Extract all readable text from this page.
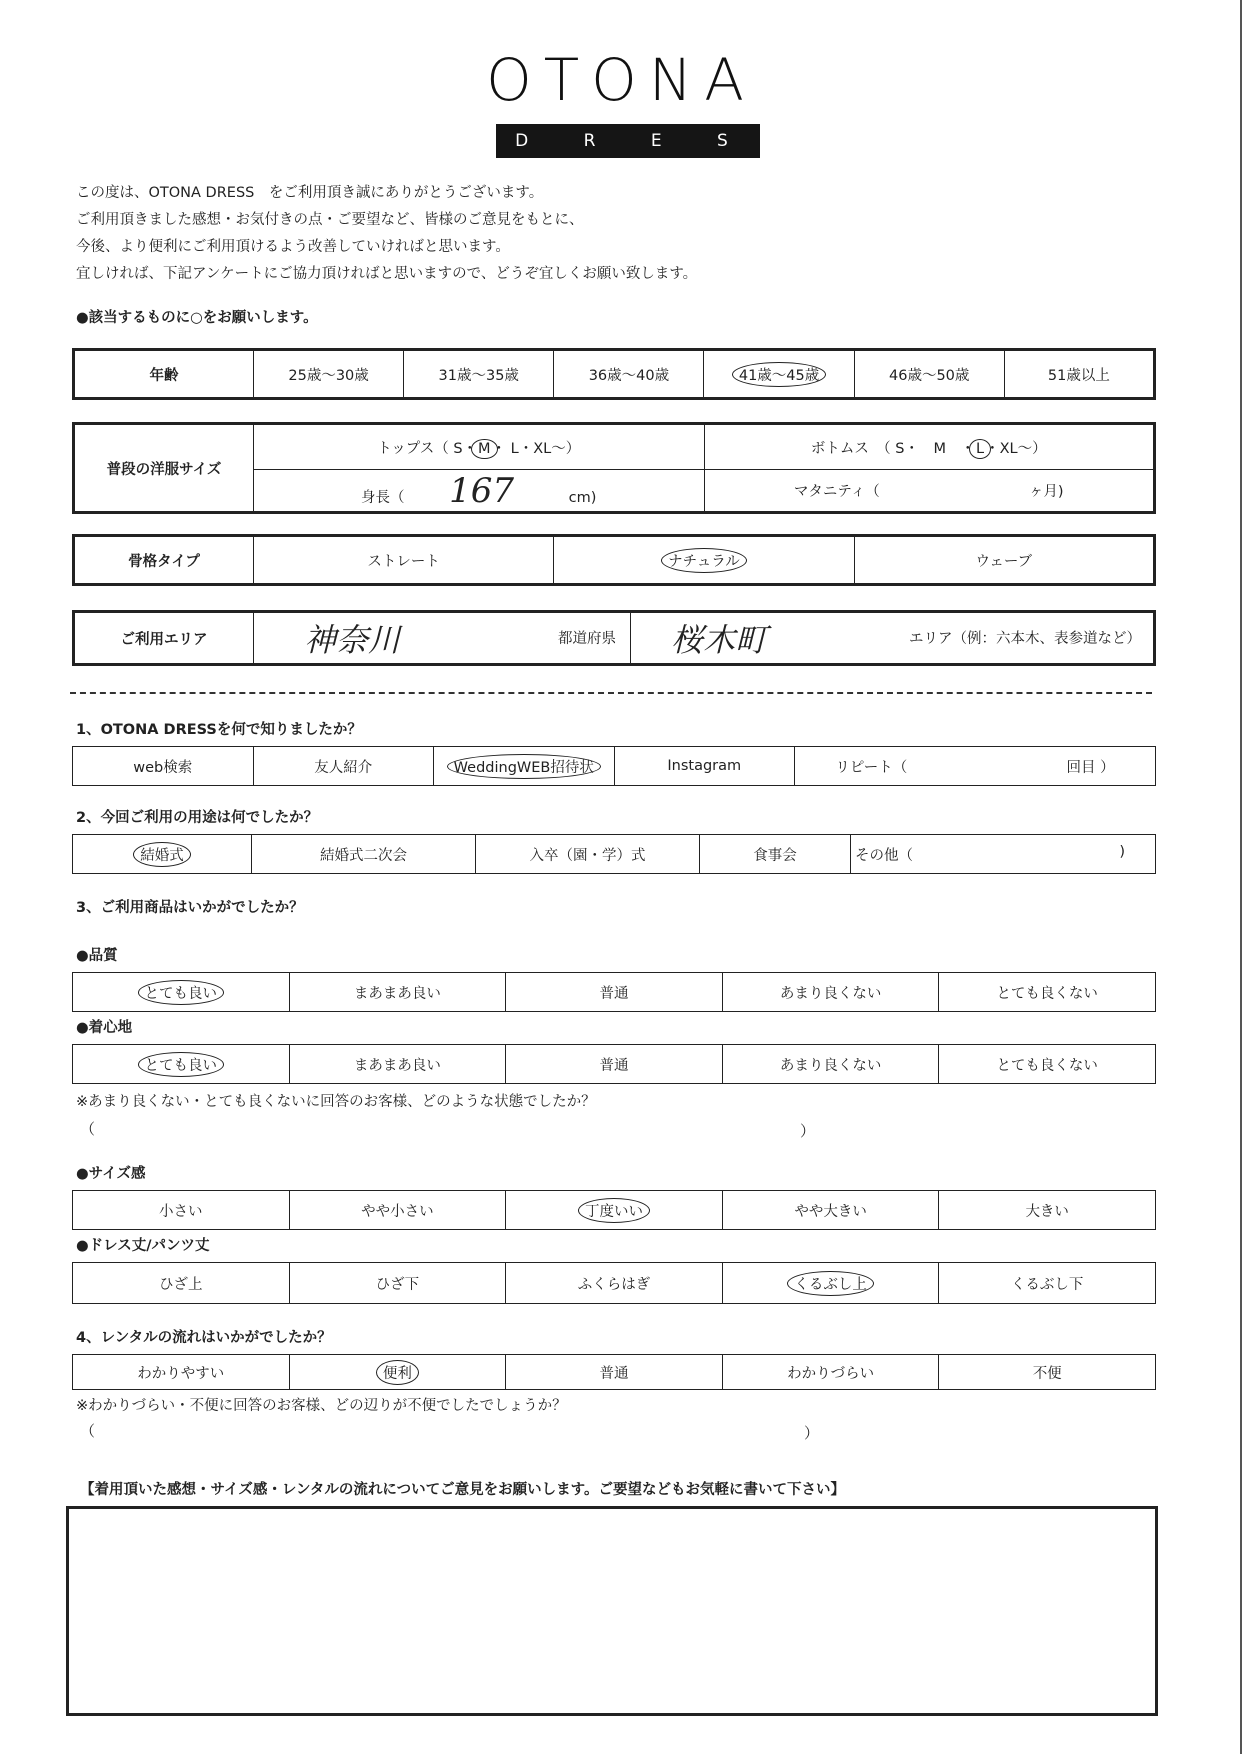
OTONA
D R E S S
この度は、OTONA DRESS　をご利用頂き誠にありがとうございます。
ご利用頂きました感想・お気付きの点・ご要望など、皆様のご意見をもとに、
今後、より便利にご利用頂けるよう改善していければと思います。
宜しければ、下記アンケートにご協力頂ければと思いますので、どうぞ宜しくお願い致します。
●該当するものに○をお願いします。
年齢	25歳～30歳	31歳～35歳	36歳～40歳	41歳～45歳	46歳～50歳	51歳以上
普段の洋服サイズ	トップス（ S・M・ L・XL～）	ボトムス　（ S・　M　・L・XL～）
	身長（ 167 cm)	マタニティ（ ヶ月)
骨格タイプ	ストレート	ナチュラル	ウェーブ
ご利用エリア	神奈川	都道府県	桜木町	エリア（例：六本木、表参道など）
1、OTONA DRESSを何で知りましたか？
web検索	友人紹介	WeddingWEB招待状	Instagram	リピート（	回目 ）
2、今回ご利用の用途は何でしたか？
結婚式	結婚式二次会	入卒（園・学）式	食事会	その他（	)
3、ご利用商品はいかがでしたか？
●品質
とても良い	まあまあ良い	普通	あまり良くない	とても良くない
●着心地
とても良い	まあまあ良い	普通	あまり良くない	とても良くない
※あまり良くない・とても良くないに回答のお客様、どのような状態でしたか？
（	）
●サイズ感
小さい	やや小さい	丁度いい	やや大きい	大きい
●ドレス丈/パンツ丈
ひざ上	ひざ下	ふくらはぎ	くるぶし上	くるぶし下
4、レンタルの流れはいかがでしたか？
わかりやすい	便利	普通	わかりづらい	不便
※わかりづらい・不便に回答のお客様、どの辺りが不便でしたでしょうか？
（	）
【着用頂いた感想・サイズ感・レンタルの流れについてご意見をお願いします。ご要望などもお気軽に書いて下さい】
